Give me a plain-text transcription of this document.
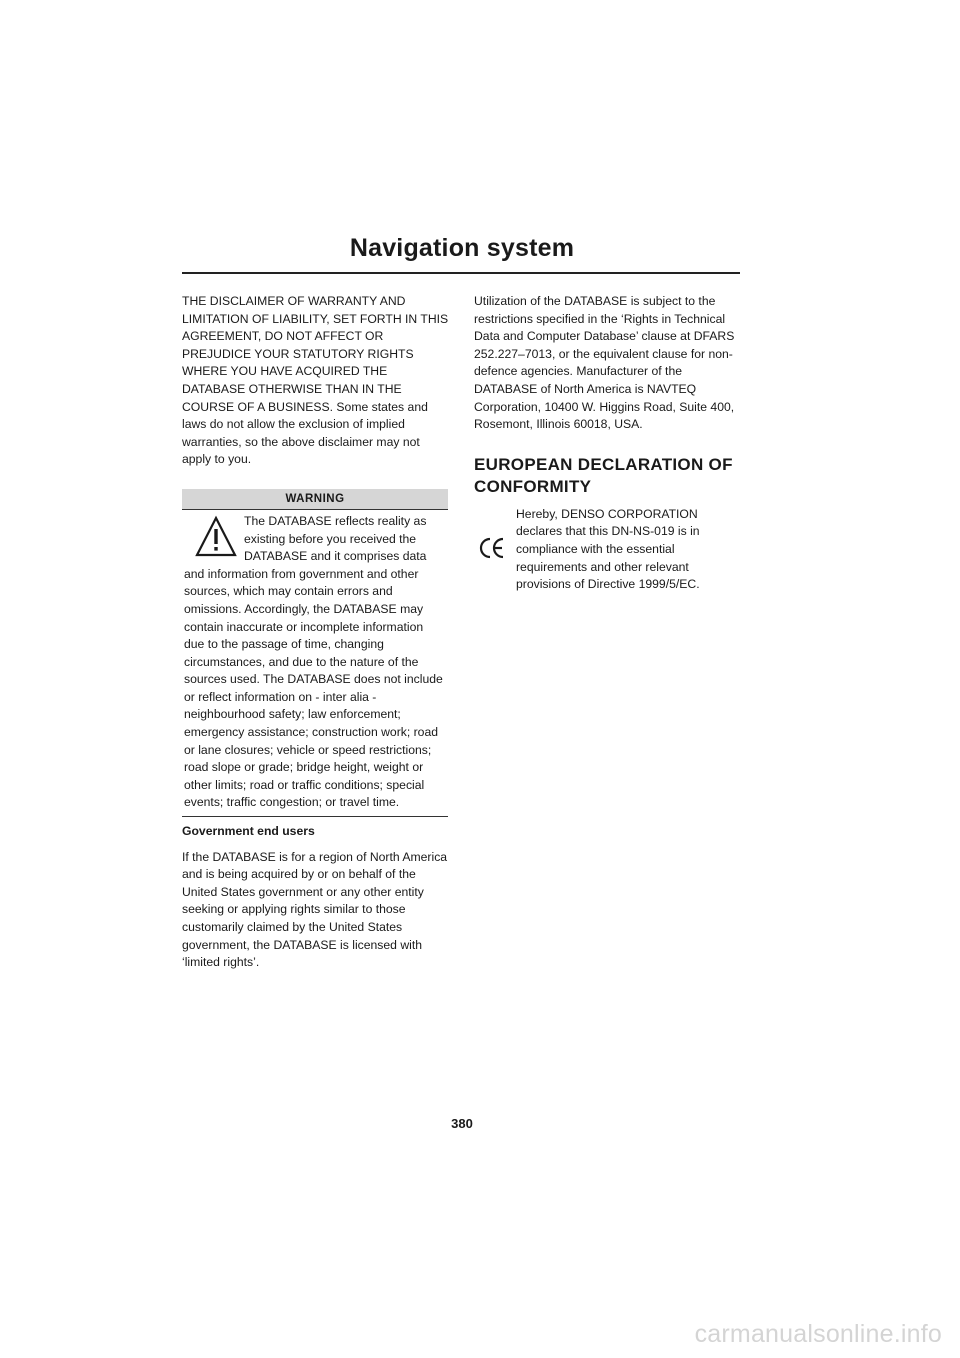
Navigation system

THE DISCLAIMER OF WARRANTY AND LIMITATION OF LIABILITY, SET FORTH IN THIS AGREEMENT, DO NOT AFFECT OR PREJUDICE YOUR STATUTORY RIGHTS WHERE YOU HAVE ACQUIRED THE DATABASE OTHERWISE THAN IN THE COURSE OF A BUSINESS. Some states and laws do not allow the exclusion of implied warranties, so the above disclaimer may not apply to you.

WARNING
The DATABASE reflects reality as existing before you received the DATABASE and it comprises data and information from government and other sources, which may contain errors and omissions. Accordingly, the DATABASE may contain inaccurate or incomplete information due to the passage of time, changing circumstances, and due to the nature of the sources used. The DATABASE does not include or reflect information on - inter alia - neighbourhood safety; law enforcement; emergency assistance; construction work; road or lane closures; vehicle or speed restrictions; road slope or grade; bridge height, weight or other limits; road or traffic conditions; special events; traffic congestion; or travel time.

Government end users

If the DATABASE is for a region of North America and is being acquired by or on behalf of the United States government or any other entity seeking or applying rights similar to those customarily claimed by the United States government, the DATABASE is licensed with ‘limited rights’.

Utilization of the DATABASE is subject to the restrictions specified in the ‘Rights in Technical Data and Computer Database’ clause at DFARS 252.227–7013, or the equivalent clause for non-defence agencies. Manufacturer of the DATABASE of North America is NAVTEQ Corporation, 10400 W. Higgins Road, Suite 400, Rosemont, Illinois 60018, USA.

EUROPEAN DECLARATION OF CONFORMITY

Hereby, DENSO CORPORATION declares that this DN-NS-019 is in compliance with the essential requirements and other relevant provisions of Directive 1999/5/EC.

380
carmanualsonline.info
